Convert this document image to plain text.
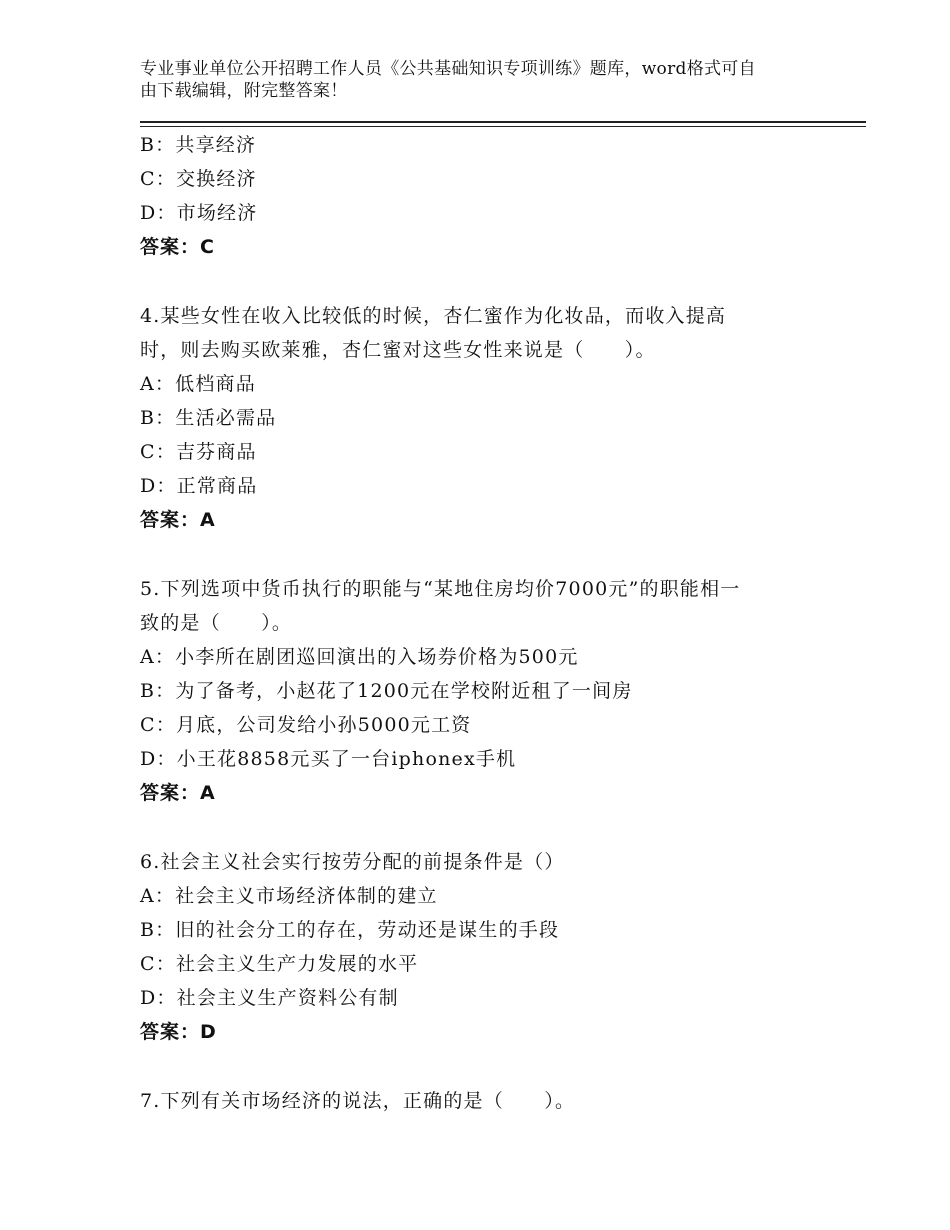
专业事业单位公开招聘工作人员《公共基础知识专项训练》题库，word格式可自
由下载编辑，附完整答案！
B：共享经济
C：交换经济
D：市场经济
答案：C
4.某些女性在收入比较低的时候，杏仁蜜作为化妆品，而收入提高
时，则去购买欧莱雅，杏仁蜜对这些女性来说是（　　）。
A：低档商品
B：生活必需品
C：吉芬商品
D：正常商品
答案：A
5.下列选项中货币执行的职能与“某地住房均价7000元”的职能相一
致的是（　　）。
A：小李所在剧团巡回演出的入场券价格为500元
B：为了备考，小赵花了1200元在学校附近租了一间房
C：月底，公司发给小孙5000元工资
D：小王花8858元买了一台iphonex手机
答案：A
6.社会主义社会实行按劳分配的前提条件是（）
A：社会主义市场经济体制的建立
B：旧的社会分工的存在，劳动还是谋生的手段
C：社会主义生产力发展的水平
D：社会主义生产资料公有制
答案：D
7.下列有关市场经济的说法，正确的是（　　）。
